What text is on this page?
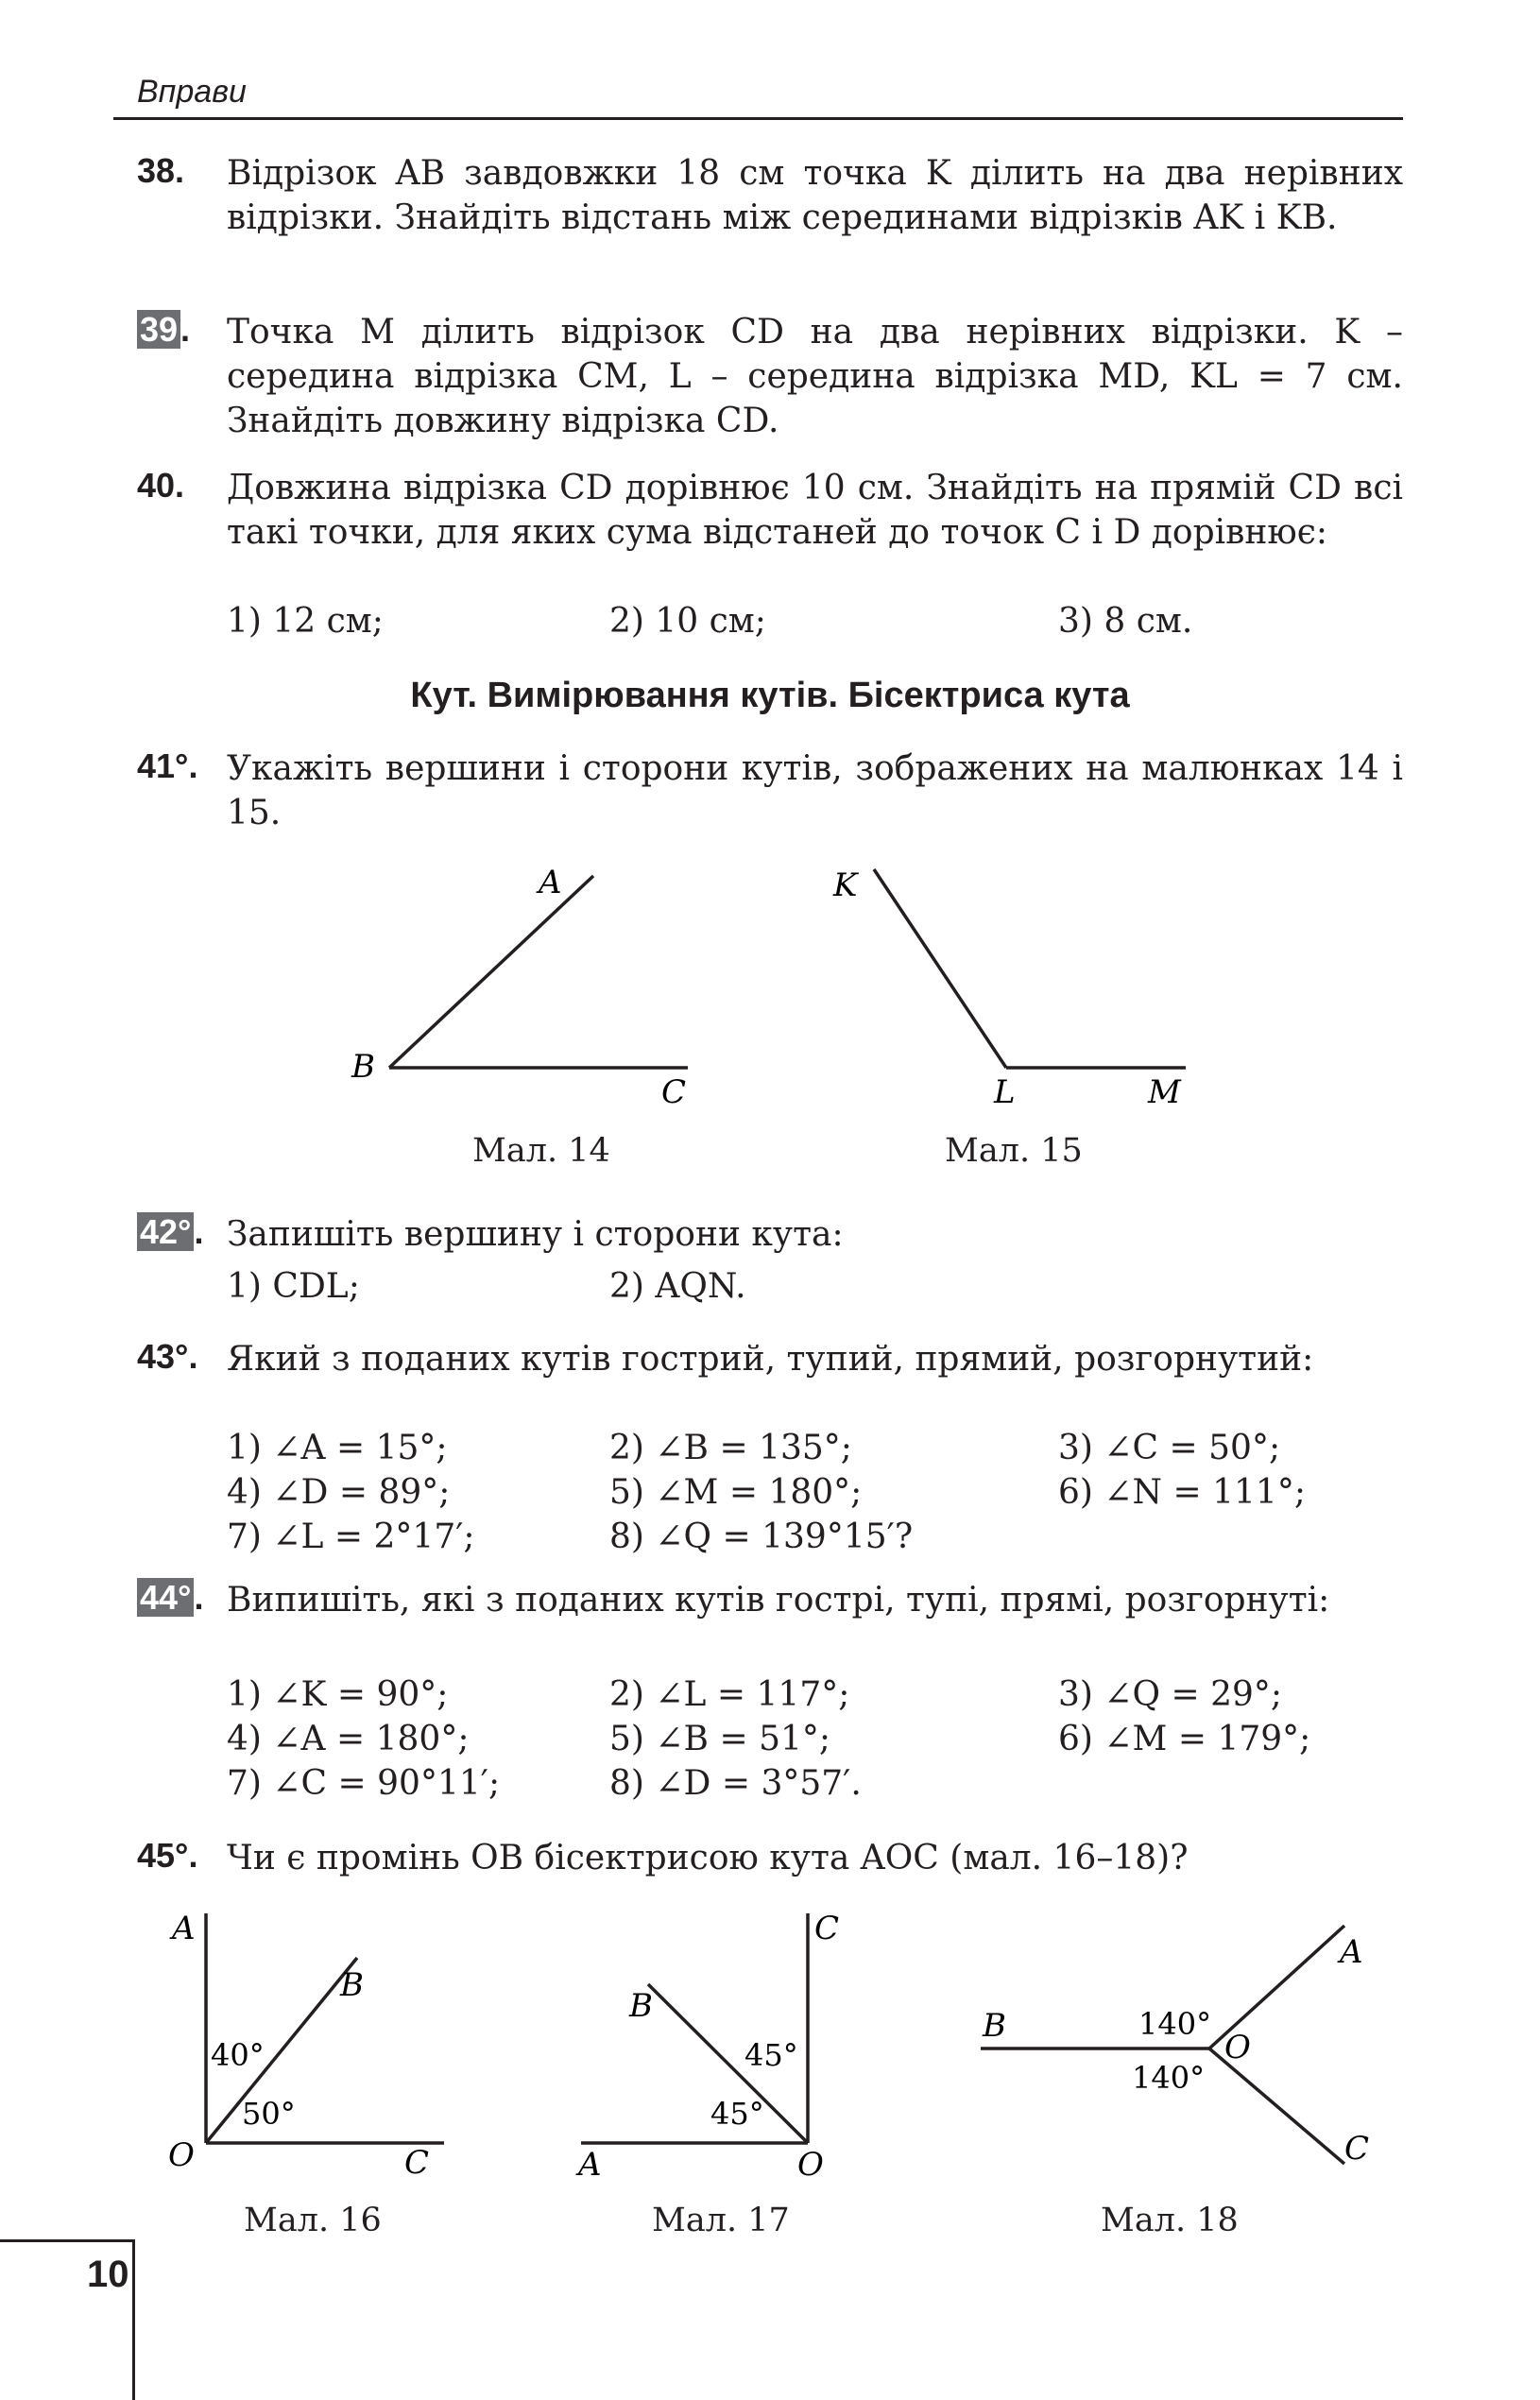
Вправи
38. Відрізок AB завдовжки 18 см точка K ділить на два нерівних відрізки. Знайдіть відстань між серединами відрізків AK і KB.
39. Точка M ділить відрізок CD на два нерівних відрізки. K – середина відрізка CM, L – середина відрізка MD, KL = 7 см. Знайдіть довжину відрізка CD.
40. Довжина відрізка CD дорівнює 10 см. Знайдіть на прямій CD всі такі точки, для яких сума відстаней до точок C і D дорівнює:
1) 12 см;	2) 10 см;	3) 8 см.
Кут. Вимірювання кутів. Бісектриса кута
41°. Укажіть вершини і сторони кутів, зображених на малюнках 14 і 15.
A
B
C
Мал. 14
K
L	M
Мал. 15
42°. Запишіть вершину і сторони кута:
1) CDL;	2) AQN.
43°. Який з поданих кутів гострий, тупий, прямий, розгорнутий:
1) ∠A = 15°;	2) ∠B = 135°;	3) ∠C = 50°;
4) ∠D = 89°;	5) ∠M = 180°;	6) ∠N = 111°;
7) ∠L = 2°17′;	8) ∠Q = 139°15′?
44°. Випишіть, які з поданих кутів гострі, тупі, прямі, розгорнуті:
1) ∠K = 90°;	2) ∠L = 117°;	3) ∠Q = 29°;
4) ∠A = 180°;	5) ∠B = 51°;	6) ∠M = 179°;
7) ∠C = 90°11′;	8) ∠D = 3°57′.
45°. Чи є промінь OB бісектрисою кута AOC (мал. 16–18)?
A
B
O	C
40°
50°
Мал. 16
C
B
A	O
45°
45°
Мал. 17
B
A
O
C
140°
140°
Мал. 18
10
